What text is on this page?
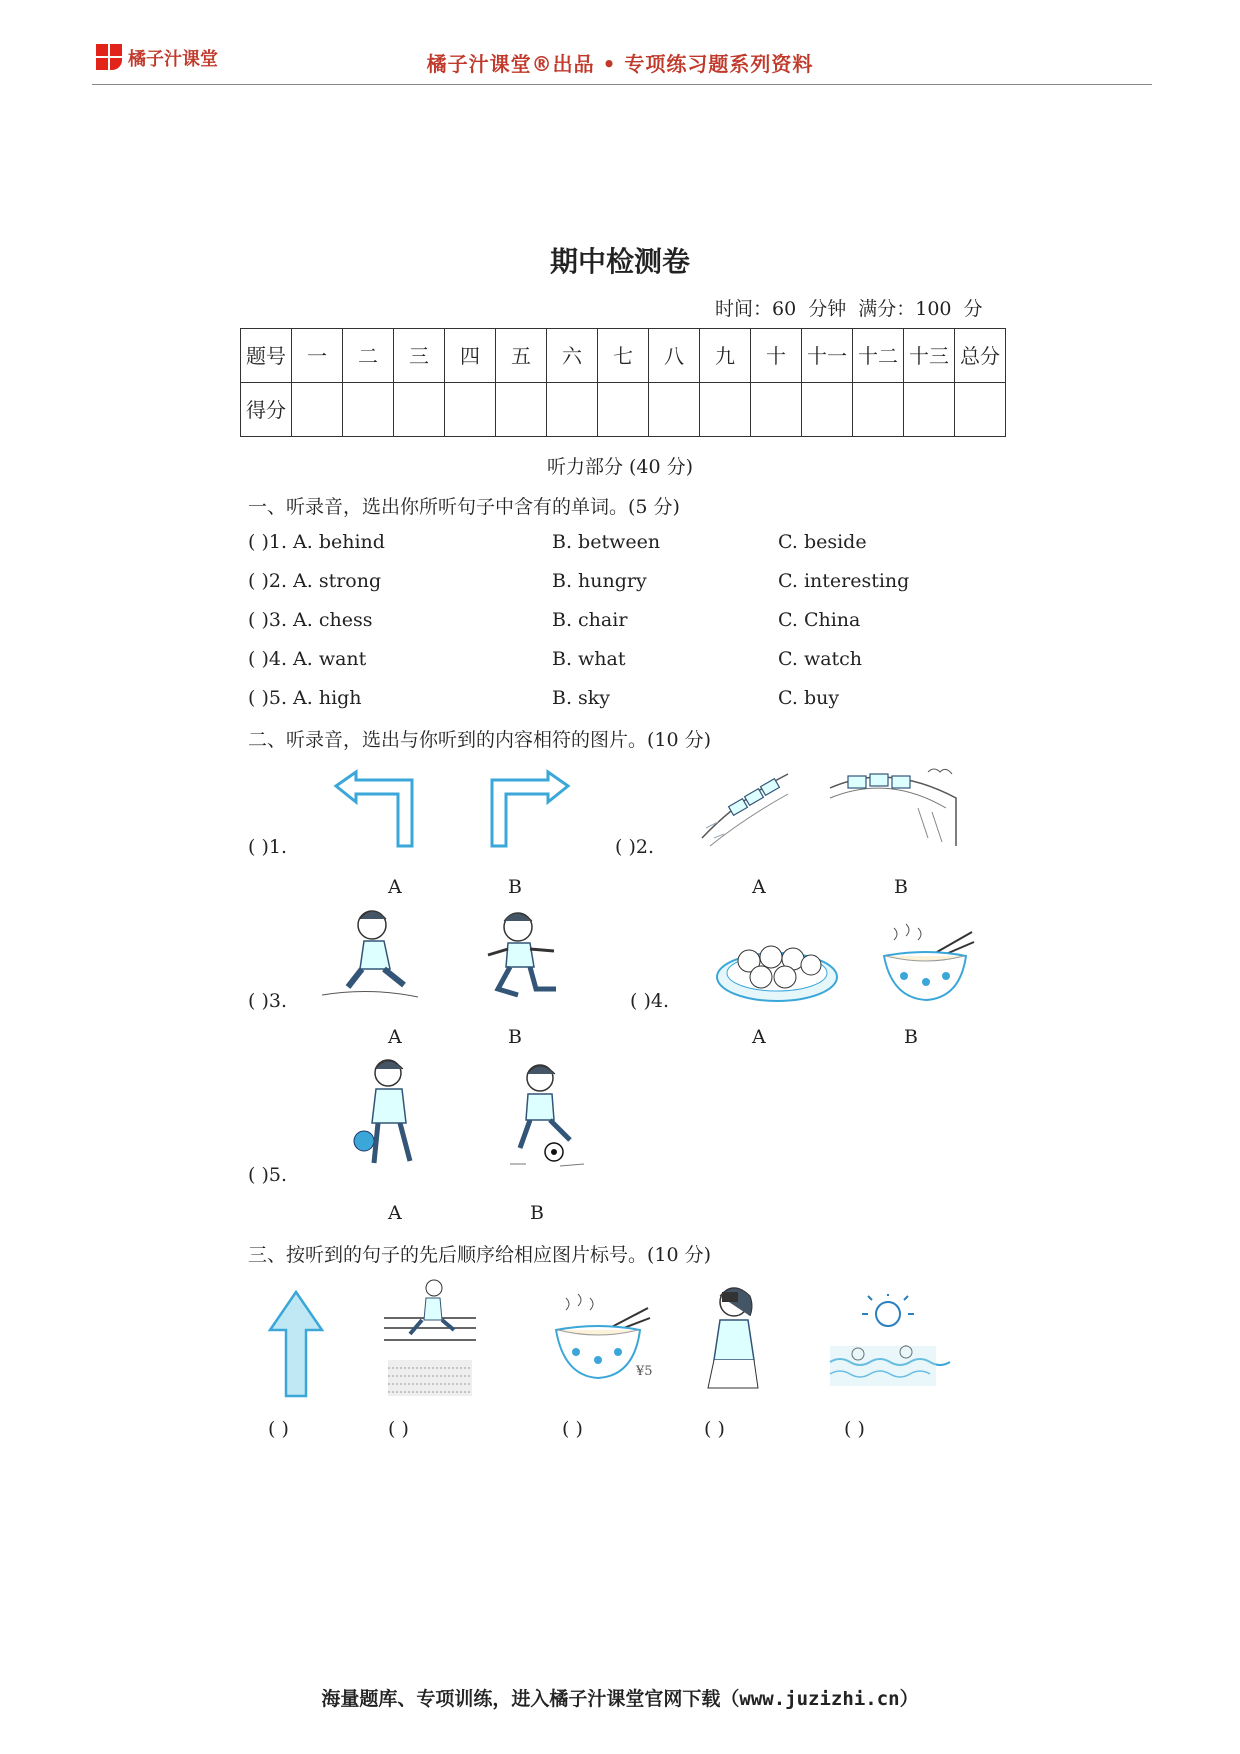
橘子汁课堂	橘子汁课堂®出品 • 专项练习题系列资料
期中检测卷
时间：60 分钟 满分：100 分
题号	一	二	三	四	五	六	七	八	九	十	十一	十二	十三	总分
得分														
听力部分 (40 分)
一、听录音，选出你所听句子中含有的单词。(5 分)
( )1. A. behind	B. between	C. beside
( )2. A. strong	B. hungry	C. interesting
( )3. A. chess	B. chair	C. China
( )4. A. want	B. what	C. watch
( )5. A. high	B. sky	C. buy
二、听录音，选出与你听到的内容相符的图片。(10 分)
( )1.
A	B
( )2.
A	B
( )3.
A	B
( )4.
A	B
( )5.
A	B
三、按听到的句子的先后顺序给相应图片标号。(10 分)
¥5
( )	( )	( )	( )	( )
海量题库、专项训练，进入橘子汁课堂官网下载（www.juzizhi.cn）
